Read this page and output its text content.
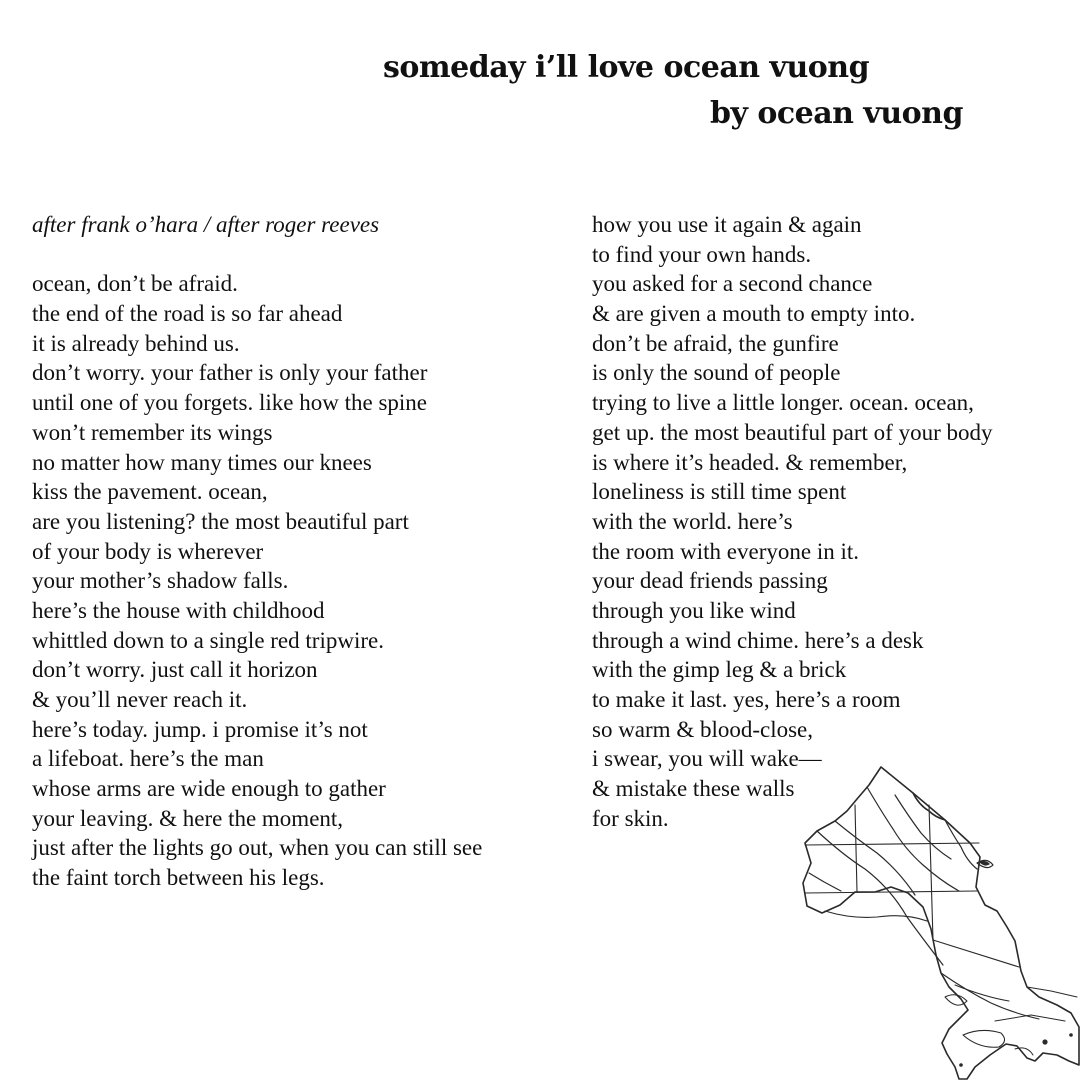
someday i’ll love ocean vuong
by ocean vuong
after frank o’hara / after roger reeves
ocean, don’t be afraid.
the end of the road is so far ahead
it is already behind us.
don’t worry. your father is only your father
until one of you forgets. like how the spine
won’t remember its wings
no matter how many times our knees
kiss the pavement. ocean,
are you listening? the most beautiful part
of your body is wherever
your mother’s shadow falls.
here’s the house with childhood
whittled down to a single red tripwire.
don’t worry. just call it horizon
& you’ll never reach it.
here’s today. jump. i promise it’s not
a lifeboat. here’s the man
whose arms are wide enough to gather
your leaving. & here the moment,
just after the lights go out, when you can still see
the faint torch between his legs.
how you use it again & again
to find your own hands.
you asked for a second chance
& are given a mouth to empty into.
don’t be afraid, the gunfire
is only the sound of people
trying to live a little longer. ocean. ocean,
get up. the most beautiful part of your body
is where it’s headed. & remember,
loneliness is still time spent
with the world. here’s
the room with everyone in it.
your dead friends passing
through you like wind
through a wind chime. here’s a desk
with the gimp leg & a brick
to make it last. yes, here’s a room
so warm & blood-close,
i swear, you will wake—
& mistake these walls
for skin.
